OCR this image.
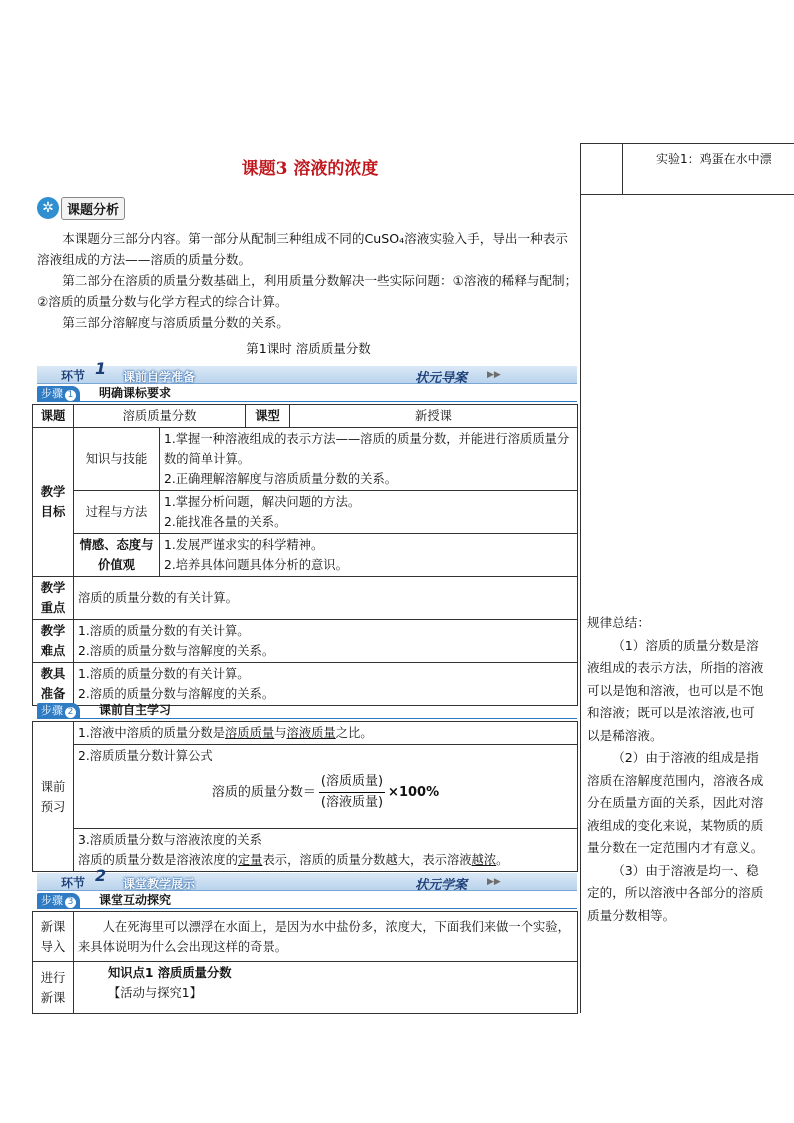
课题3 溶液的浓度
✲	课题分析
本课题分三部分内容。第一部分从配制三种组成不同的CuSO₄溶液实验入手，导出一种表示溶液组成的方法——溶质的质量分数。
第二部分在溶质的质量分数基础上，利用质量分数解决一些实际问题：①溶液的稀释与配制；②溶质的质量分数与化学方程式的综合计算。
第三部分溶解度与溶质质量分数的关系。
第1课时 溶质质量分数
环节 1 课前自学准备	状元导案 ▶▶
步骤 1	明确课标要求
课题	溶质质量分数		课型	新授课
教学目标	知识与技能	1.掌握一种溶液组成的表示方法——溶质的质量分数，并能进行溶质质量分数的简单计算。
2.正确理解溶解度与溶质质量分数的关系。		

	过程与方法	1.掌握分析问题，解决问题的方法。
2.能找准各量的关系。		

	情感、态度与价值观	1.发展严谨求实的科学精神。
2.培养具体问题具体分析的意识。		

教学重点	溶质的质量分数的有关计算。			
教学难点	1.溶质的质量分数的有关计算。
2.溶质的质量分数与溶解度的关系。			

教具准备	1.溶质的质量分数的有关计算。
2.溶质的质量分数与溶解度的关系。			
步骤 2	课前自主学习
课前预习	1.溶液中溶质的质量分数是溶质质量与溶液质量之比。

2.溶质质量分数计算公式
溶质的质量分数＝ $\frac{\text{(溶质质量)}}{\text{(溶液质量)}} \times 100\%$

3.溶质质量分数与溶液浓度的关系
溶质的质量分数是溶液浓度的定量表示，溶质的质量分数越大，表示溶液越浓。
环节 2 课堂教学展示	状元学案 ▶▶
步骤 3	课堂互动探究
新课导入	人在死海里可以漂浮在水面上，是因为水中盐份多，浓度大，下面我们来做一个实验，来具体说明为什么会出现这样的奇景。
进行新课	知识点1 溶质质量分数
【活动与探究1】
实验1：鸡蛋在水中漂

规律总结：

（1）溶质的质量分数是溶液组成的表示方法，所指的溶液可以是饱和溶液，也可以是不饱和溶液；既可以是浓溶液,也可以是稀溶液。

（2）由于溶液的组成是指溶质在溶解度范围内，溶液各成分在质量方面的关系，因此对溶液组成的变化来说，某物质的质量分数在一定范围内才有意义。

（3）由于溶液是均一、稳定的，所以溶液中各部分的溶质质量分数相等。
